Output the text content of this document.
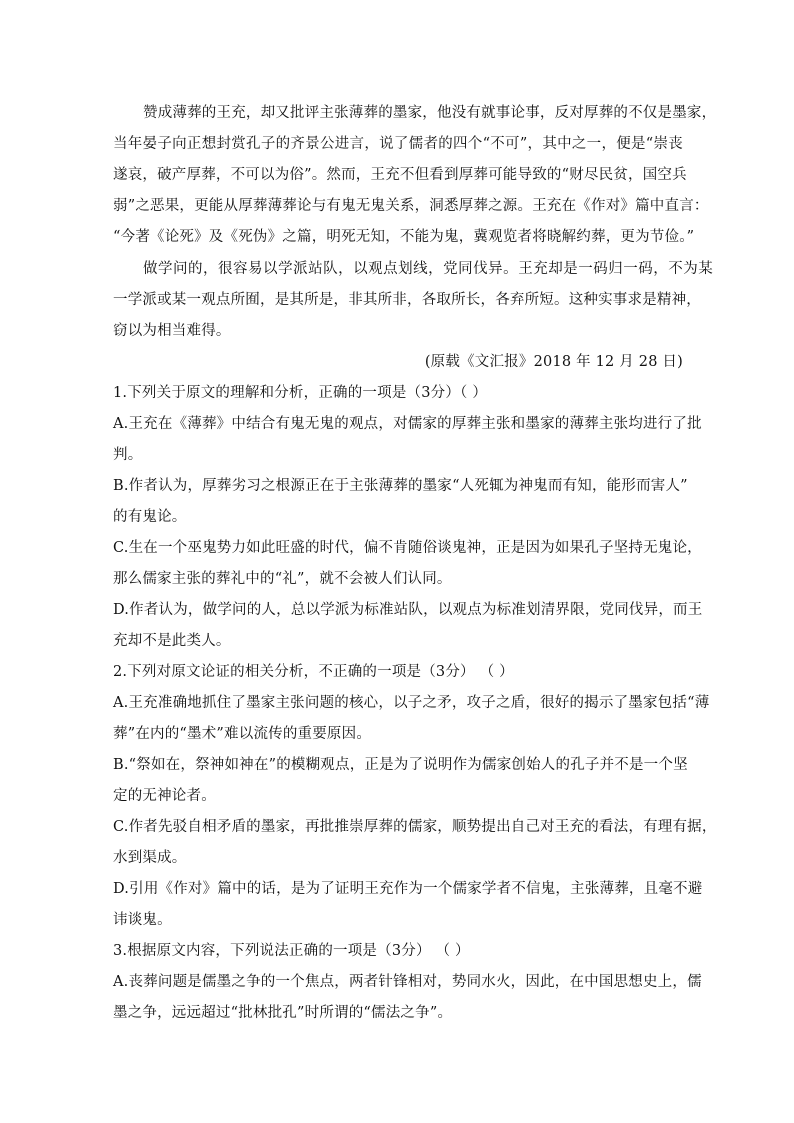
赞成薄葬的王充，却又批评主张薄葬的墨家，他没有就事论事，反对厚葬的不仅是墨家，
当年晏子向正想封赏孔子的齐景公进言，说了儒者的四个“不可”，其中之一，便是“崇丧
遂哀，破产厚葬，不可以为俗”。然而，王充不但看到厚葬可能导致的“财尽民贫，国空兵
弱”之恶果，更能从厚葬薄葬论与有鬼无鬼关系，洞悉厚葬之源。王充在《作对》篇中直言：
“今著《论死》及《死伪》之篇，明死无知，不能为鬼，冀观览者将晓解约葬，更为节俭。”
做学问的，很容易以学派站队，以观点划线，党同伐异。王充却是一码归一码，不为某
一学派或某一观点所囿，是其所是，非其所非，各取所长，各弃所短。这种实事求是精神，
窃以为相当难得。
(原载《文汇报》2018 年 12 月 28 日)
1.下列关于原文的理解和分析，正确的一项是（3分）（ ）
A.王充在《薄葬》中结合有鬼无鬼的观点，对儒家的厚葬主张和墨家的薄葬主张均进行了批
判。
B.作者认为，厚葬劣习之根源正在于主张薄葬的墨家“人死辄为神鬼而有知，能形而害人”
的有鬼论。
C.生在一个巫鬼势力如此旺盛的时代，偏不肯随俗谈鬼神，正是因为如果孔子坚持无鬼论，
那么儒家主张的葬礼中的“礼”，就不会被人们认同。
D.作者认为，做学问的人，总以学派为标准站队，以观点为标准划清界限，党同伐异，而王
充却不是此类人。
2.下列对原文论证的相关分析，不正确的一项是（3分） （ ）
A.王充准确地抓住了墨家主张问题的核心，以子之矛，攻子之盾，很好的揭示了墨家包括“薄
葬”在内的“墨术”难以流传的重要原因。
B.“祭如在，祭神如神在”的模糊观点，正是为了说明作为儒家创始人的孔子并不是一个坚
定的无神论者。
C.作者先驳自相矛盾的墨家，再批推崇厚葬的儒家，顺势提出自己对王充的看法，有理有据，
水到渠成。
D.引用《作对》篇中的话，是为了证明王充作为一个儒家学者不信鬼，主张薄葬，且毫不避
讳谈鬼。
3.根据原文内容，下列说法正确的一项是（3分） （ ）
A.丧葬问题是儒墨之争的一个焦点，两者针锋相对，势同水火，因此，在中国思想史上，儒
墨之争，远远超过“批林批孔”时所谓的“儒法之争”。
